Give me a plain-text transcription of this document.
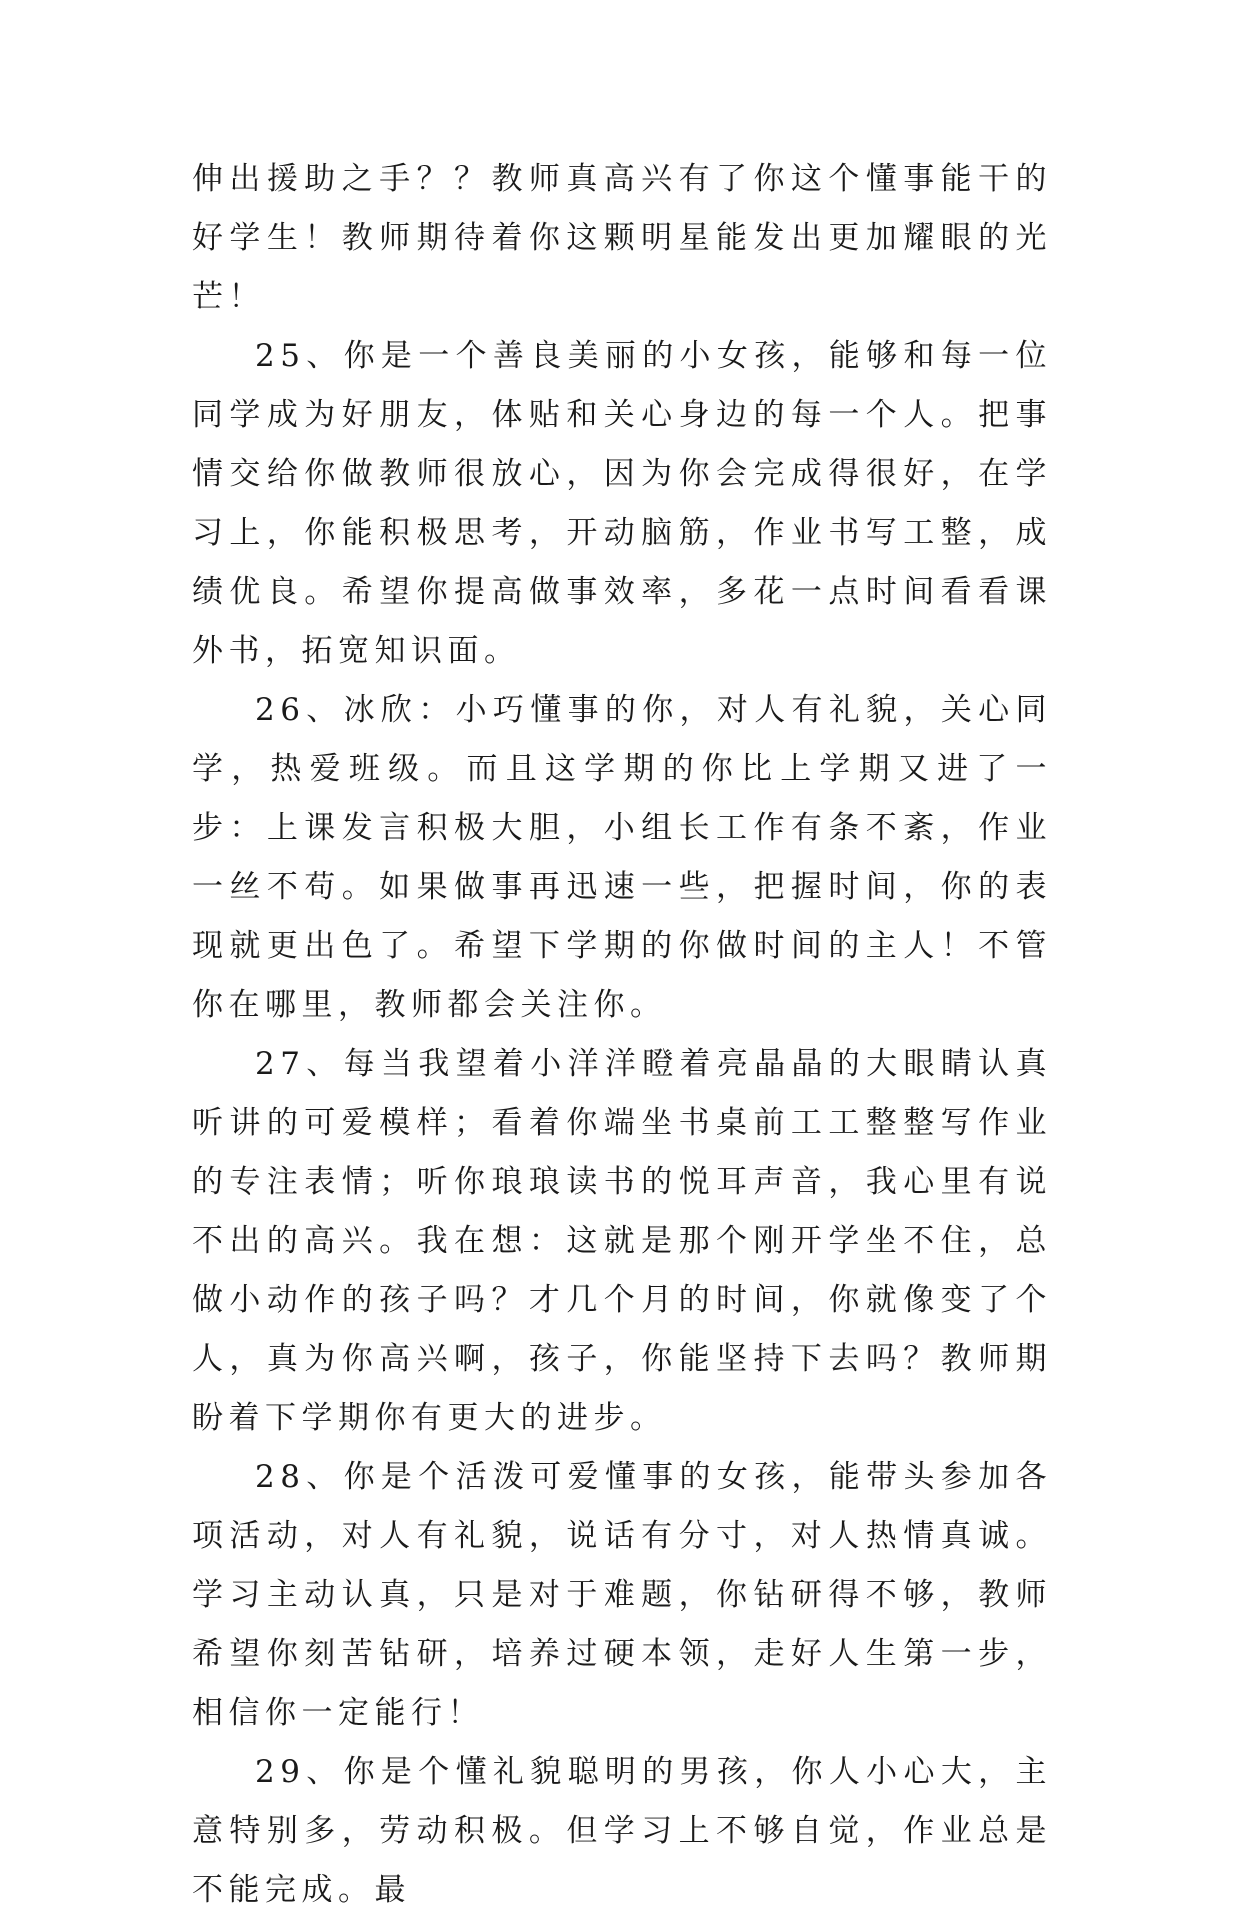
伸出援助之手？？教师真高兴有了你这个懂事能干的好学生！教师期待着你这颗明星能发出更加耀眼的光芒！

25、你是一个善良美丽的小女孩，能够和每一位同学成为好朋友，体贴和关心身边的每一个人。把事情交给你做教师很放心，因为你会完成得很好，在学习上，你能积极思考，开动脑筋，作业书写工整，成绩优良。希望你提高做事效率，多花一点时间看看课外书，拓宽知识面。

26、冰欣：小巧懂事的你，对人有礼貌，关心同学，热爱班级。而且这学期的你比上学期又进了一步：上课发言积极大胆，小组长工作有条不紊，作业一丝不苟。如果做事再迅速一些，把握时间，你的表现就更出色了。希望下学期的你做时间的主人！不管你在哪里，教师都会关注你。

27、每当我望着小洋洋瞪着亮晶晶的大眼睛认真听讲的可爱模样；看着你端坐书桌前工工整整写作业的专注表情；听你琅琅读书的悦耳声音，我心里有说不出的高兴。我在想：这就是那个刚开学坐不住，总做小动作的孩子吗？才几个月的时间，你就像变了个人，真为你高兴啊，孩子，你能坚持下去吗？教师期盼着下学期你有更大的进步。

28、你是个活泼可爱懂事的女孩，能带头参加各项活动，对人有礼貌，说话有分寸，对人热情真诚。学习主动认真，只是对于难题，你钻研得不够，教师希望你刻苦钻研，培养过硬本领，走好人生第一步，相信你一定能行！

29、你是个懂礼貌聪明的男孩，你人小心大，主意特别多，劳动积极。但学习上不够自觉，作业总是不能完成。最
